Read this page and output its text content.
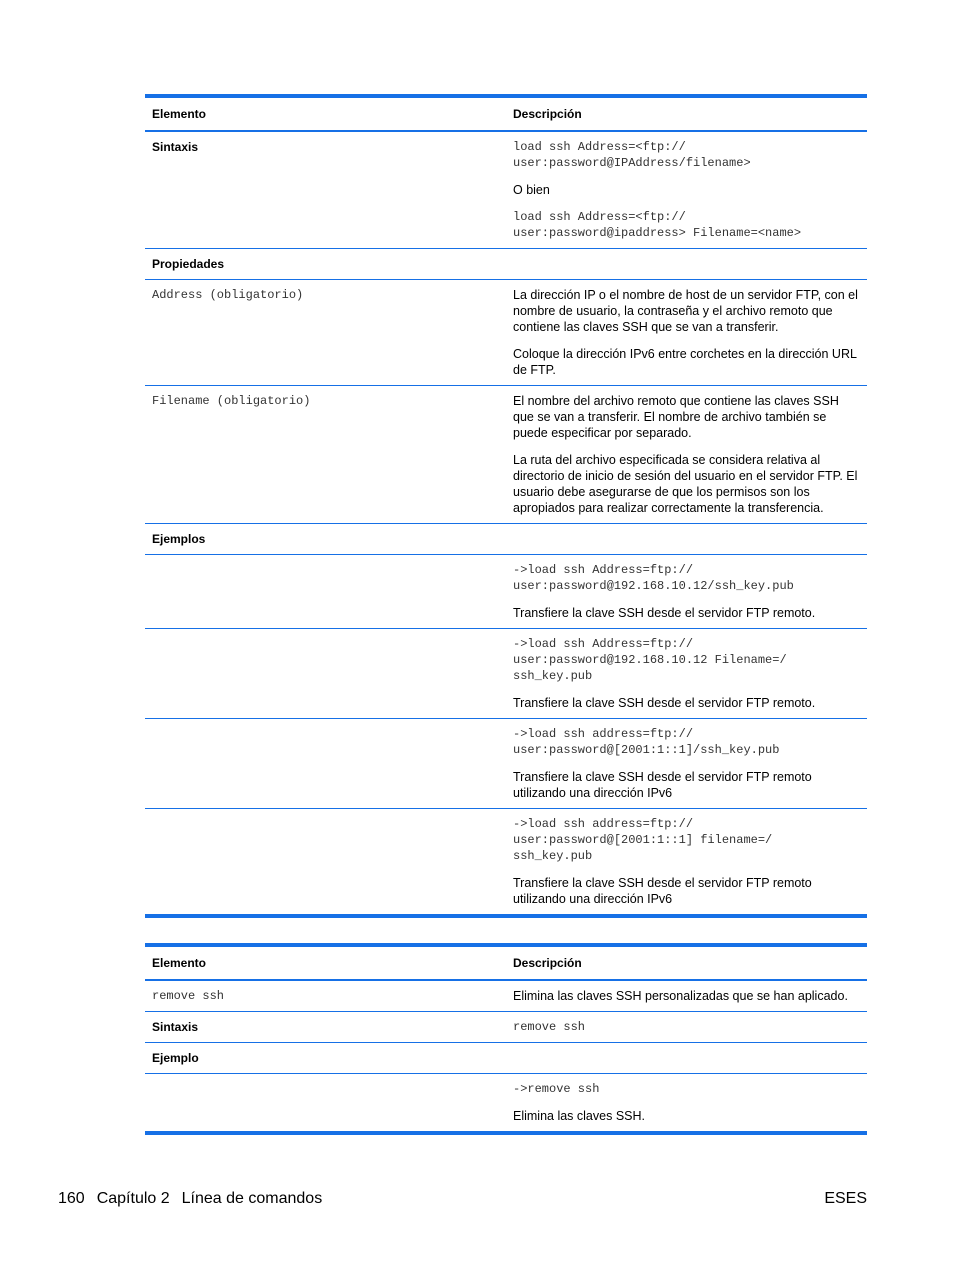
Elemento	Descripción
Sintaxis	load ssh Address=<ftp://
user:password@IPAddress/filename>

O bien

load ssh Address=<ftp://
user:password@ipaddress> Filename=<name>

Propiedades	
Address (obligatorio)	La dirección IP o el nombre de host de un servidor FTP, con el nombre de usuario, la contraseña y el archivo remoto que contiene las claves SSH que se van a transferir.

Coloque la dirección IPv6 entre corchetes en la dirección URL de FTP.

Filename (obligatorio)	El nombre del archivo remoto que contiene las claves SSH que se van a transferir. El nombre de archivo también se puede especificar por separado.

La ruta del archivo especificada se considera relativa al directorio de inicio de sesión del usuario en el servidor FTP. El usuario debe asegurarse de que los permisos son los apropiados para realizar correctamente la transferencia.

Ejemplos	

	->load ssh Address=ftp://
user:password@192.168.10.12/ssh_key.pub

Transfiere la clave SSH desde el servidor FTP remoto.

	->load ssh Address=ftp://
user:password@192.168.10.12 Filename=/
ssh_key.pub

Transfiere la clave SSH desde el servidor FTP remoto.

	->load ssh address=ftp://
user:password@[2001:1::1]/ssh_key.pub

Transfiere la clave SSH desde el servidor FTP remoto utilizando una dirección IPv6

	->load ssh address=ftp://
user:password@[2001:1::1] filename=/
ssh_key.pub

Transfiere la clave SSH desde el servidor FTP remoto utilizando una dirección IPv6

Elemento	Descripción
remove ssh	Elimina las claves SSH personalizadas que se han aplicado.
Sintaxis	remove ssh
Ejemplo	

	->remove ssh

Elimina las claves SSH.

160 Capítulo 2 Línea de comandos	ESES
